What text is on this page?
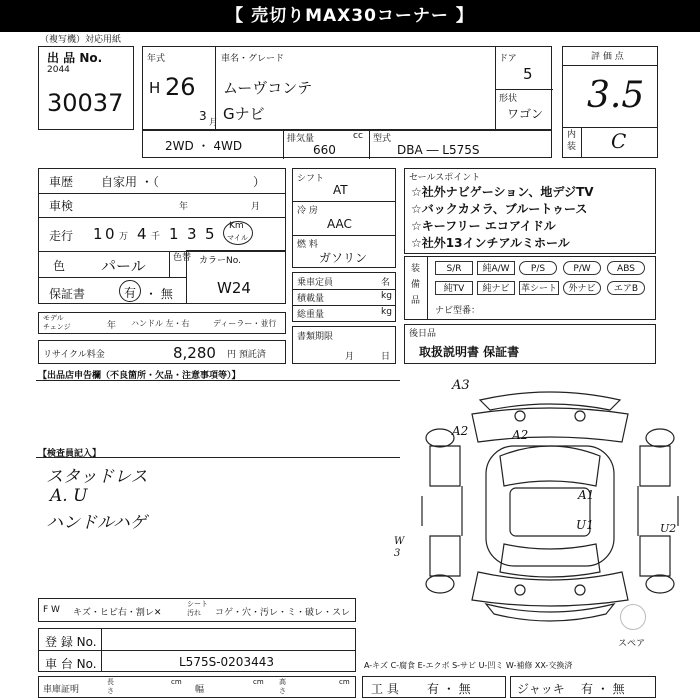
【 売切りMAX30コーナー 】
（複写機）対応用紙
出 品 No.
2044
30037
年式
H 26
3 月
車名・グレード
ムーヴコンテ
Gナビ
ドア
5
形状
ワゴン
2WD ・ 4WD	排気量	cc
660
型式
DBA ― L575S
評 価 点
3.5
内
装 C
車歴 自家用 ・（	）
車検	年	月
走行 1 0 万 4 千 1 3 5 Km
マイル
色 パール	色替
保証書	有 ・ 無
カラーNo.
W24
モデル
チェンジ	年 ハンドル 左・右	ディーラー・並行
リサイクル料金	8,280 円 預託済
シフト
AT
冷 房
AAC
燃 料
ガソリン
乗車定員	名
積載量	kg
総重量	kg
書類期限
月	日
セールスポイント
☆社外ナビゲーション、地デジTV
☆バックカメラ、ブルートゥース
☆キーフリー エコアイドル
☆社外13インチアルミホール
装
備
品
S/R	純A/W	P/S	P/W	ABS
純TV	純ナビ	革シート	外ナビ	エアB
ナビ型番：
後日品
取扱説明書 保証書
【出品店申告欄（不良箇所・欠品・注意事項等）】
【検査員記入】
スタッドレス
A. U
ハンドルハゲ
A3
A2	A2
A1
U1	U2
W
3
F W キズ・ヒビ右・割レ✕
シート
汚れ	コゲ・穴・汚レ・ミ・破レ・スレ
スペア
登 録 No.
車 台 No.	L575S-0203443	A-キズ C-腐食 E-エクボ S-サビ U-凹ミ W-補修 XX-交換済
車庫証明
長
さ
cm
幅
cm 高
さ
cm 工 具 有 ・ 無	ジャッキ 有 ・ 無
